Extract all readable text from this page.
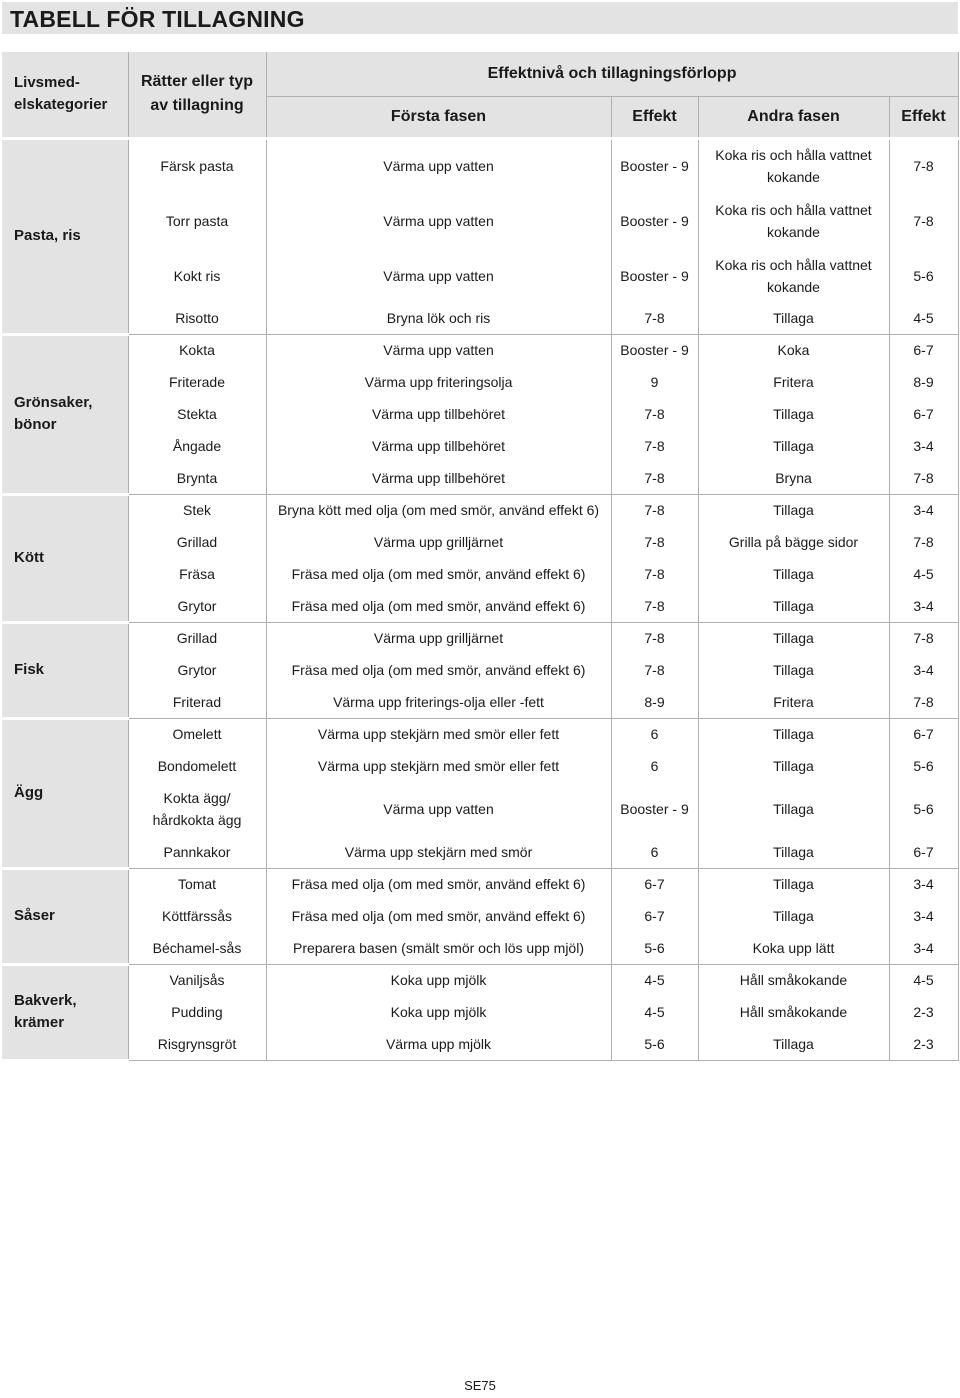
TABELL FÖR TILLAGNING
Livsmed-
elskategorier	Rätter eller typ
av tillagning	Effektnivå och tillagningsförlopp			
		Första fasen	Effekt	Andra fasen	Effekt
Pasta, ris	Färsk pasta	Värma upp vatten	Booster - 9	Koka ris och hålla vattnet
kokande	7-8
	Torr pasta	Värma upp vatten	Booster - 9	Koka ris och hålla vattnet
kokande	7-8
	Kokt ris	Värma upp vatten	Booster - 9	Koka ris och hålla vattnet
kokande	5-6
	Risotto	Bryna lök och ris	7-8	Tillaga	4-5
Grönsaker,
bönor	Kokta	Värma upp vatten	Booster - 9	Koka	6-7
	Friterade	Värma upp friteringsolja	9	Fritera	8-9
	Stekta	Värma upp tillbehöret	7-8	Tillaga	6-7
	Ångade	Värma upp tillbehöret	7-8	Tillaga	3-4
	Brynta	Värma upp tillbehöret	7-8	Bryna	7-8
Kött	Stek	Bryna kött med olja (om med smör, använd effekt 6)	7-8	Tillaga	3-4
	Grillad	Värma upp grilljärnet	7-8	Grilla på bägge sidor	7-8
	Fräsa	Fräsa med olja (om med smör, använd effekt 6)	7-8	Tillaga	4-5
	Grytor	Fräsa med olja (om med smör, använd effekt 6)	7-8	Tillaga	3-4
Fisk	Grillad	Värma upp grilljärnet	7-8	Tillaga	7-8
	Grytor	Fräsa med olja (om med smör, använd effekt 6)	7-8	Tillaga	3-4
	Friterad	Värma upp friterings-olja eller -fett	8-9	Fritera	7-8
Ägg	Omelett	Värma upp stekjärn med smör eller fett	6	Tillaga	6-7
	Bondomelett	Värma upp stekjärn med smör eller fett	6	Tillaga	5-6
	Kokta ägg/
hårdkokta ägg	Värma upp vatten	Booster - 9	Tillaga	5-6
	Pannkakor	Värma upp stekjärn med smör	6	Tillaga	6-7
Såser	Tomat	Fräsa med olja (om med smör, använd effekt 6)	6-7	Tillaga	3-4
	Köttfärssås	Fräsa med olja (om med smör, använd effekt 6)	6-7	Tillaga	3-4
	Béchamel-sås	Preparera basen (smält smör och lös upp mjöl)	5-6	Koka upp lätt	3-4
Bakverk,
krämer	Vaniljsås	Koka upp mjölk	4-5	Håll småkokande	4-5
	Pudding	Koka upp mjölk	4-5	Håll småkokande	2-3
	Risgrynsgröt	Värma upp mjölk	5-6	Tillaga	2-3
SE75
